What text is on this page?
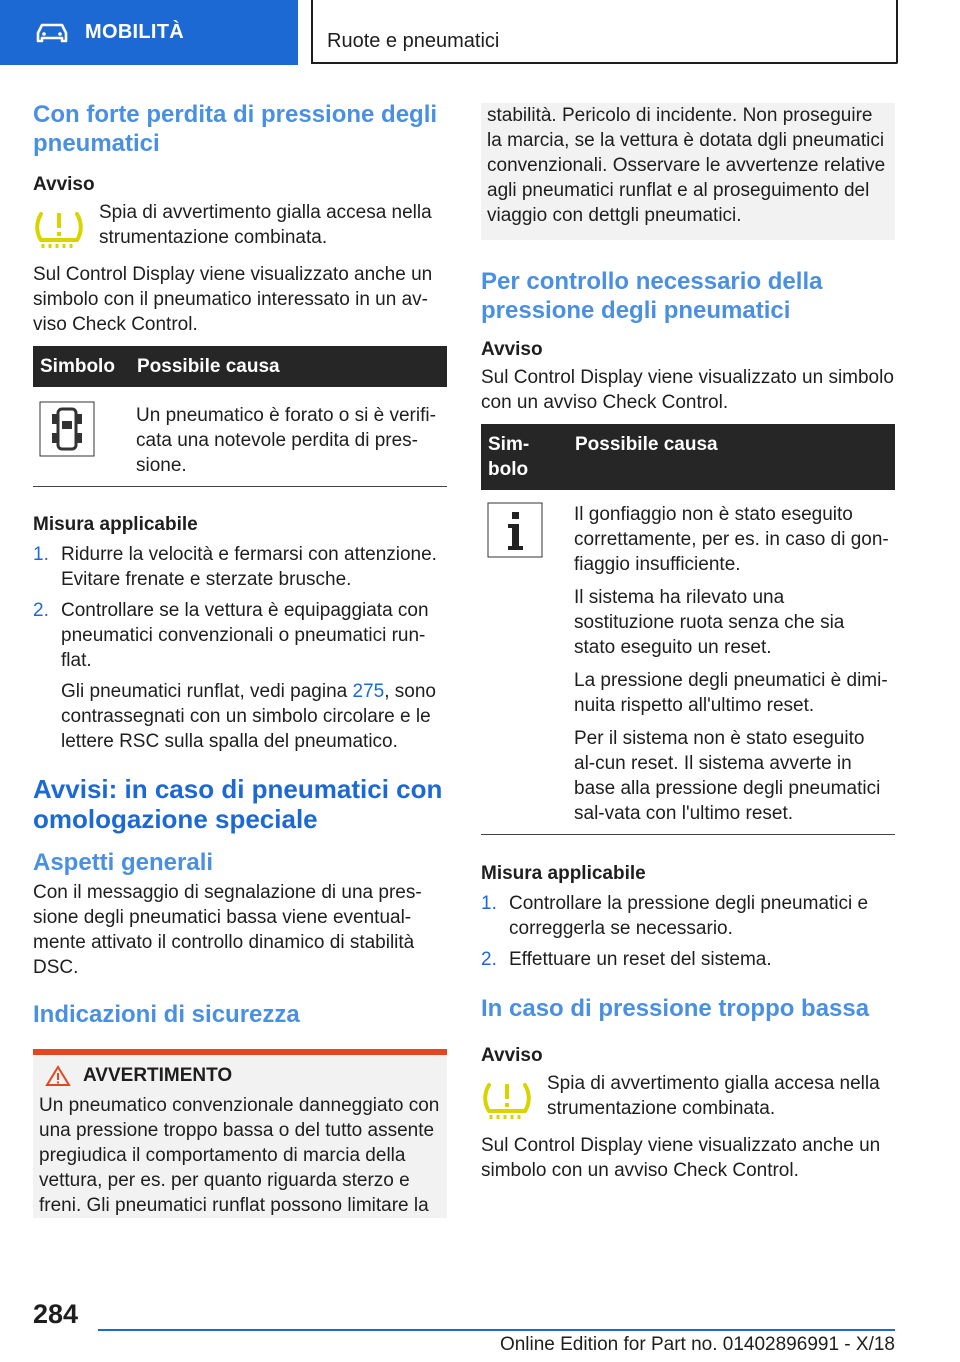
MOBILITÀ	Ruote e pneumatici
Con forte perdita di pressione degli pneumatici
Avviso

Spia di avvertimento gialla accesa nella strumentazione combinata.

Sul Control Display viene visualizzato anche un simbolo con il pneumatico interessato in un av-viso Check Control.

Simbolo	Possibile causa
	Un pneumatico è forato o si è verifi-cata una notevole perdita di pres-sione.
Misura applicabile
1. Ridurre la velocità e fermarsi con attenzione. Evitare frenate e sterzate brusche.
2. Controllare se la vettura è equipaggiata con pneumatici convenzionali o pneumatici run-flat.

Gli pneumatici runflat, vedi pagina 275, sono contrassegnati con un simbolo circolare e le lettere RSC sulla spalla del pneumatico.

Avvisi: in caso di pneumatici con omologazione speciale
Aspetti generali

Con il messaggio di segnalazione di una pres-sione degli pneumatici bassa viene eventual-mente attivato il controllo dinamico di stabilità DSC.

Indicazioni di sicurezza
AVVERTIMENTO

Un pneumatico convenzionale danneggiato con una pressione troppo bassa o del tutto assente pregiudica il comportamento di marcia della vettura, per es. per quanto riguarda sterzo e freni. Gli pneumatici runflat possono limitare la

stabilità. Pericolo di incidente. Non proseguire la marcia, se la vettura è dotata dgli pneumatici convenzionali. Osservare le avvertenze relative agli pneumatici runflat e al proseguimento del viaggio con dettgli pneumatici.

Per controllo necessario della pressione degli pneumatici
Avviso

Sul Control Display viene visualizzato un simbolo con un avviso Check Control.

Sim-bolo	Possibile causa

Il gonfiaggio non è stato eseguito correttamente, per es. in caso di gon-fiaggio insufficiente.

Il sistema ha rilevato una sostituzione ruota senza che sia stato eseguito un reset.

La pressione degli pneumatici è dimi-nuita rispetto all'ultimo reset.

Per il sistema non è stato eseguito al-cun reset. Il sistema avverte in base alla pressione degli pneumatici sal-vata con l'ultimo reset.

Misura applicabile
1. Controllare la pressione degli pneumatici e correggerla se necessario.
2. Effettuare un reset del sistema.
In caso di pressione troppo bassa
Avviso

Spia di avvertimento gialla accesa nella strumentazione combinata.

Sul Control Display viene visualizzato anche un simbolo con un avviso Check Control.

284
Online Edition for Part no. 01402896991 - X/18
